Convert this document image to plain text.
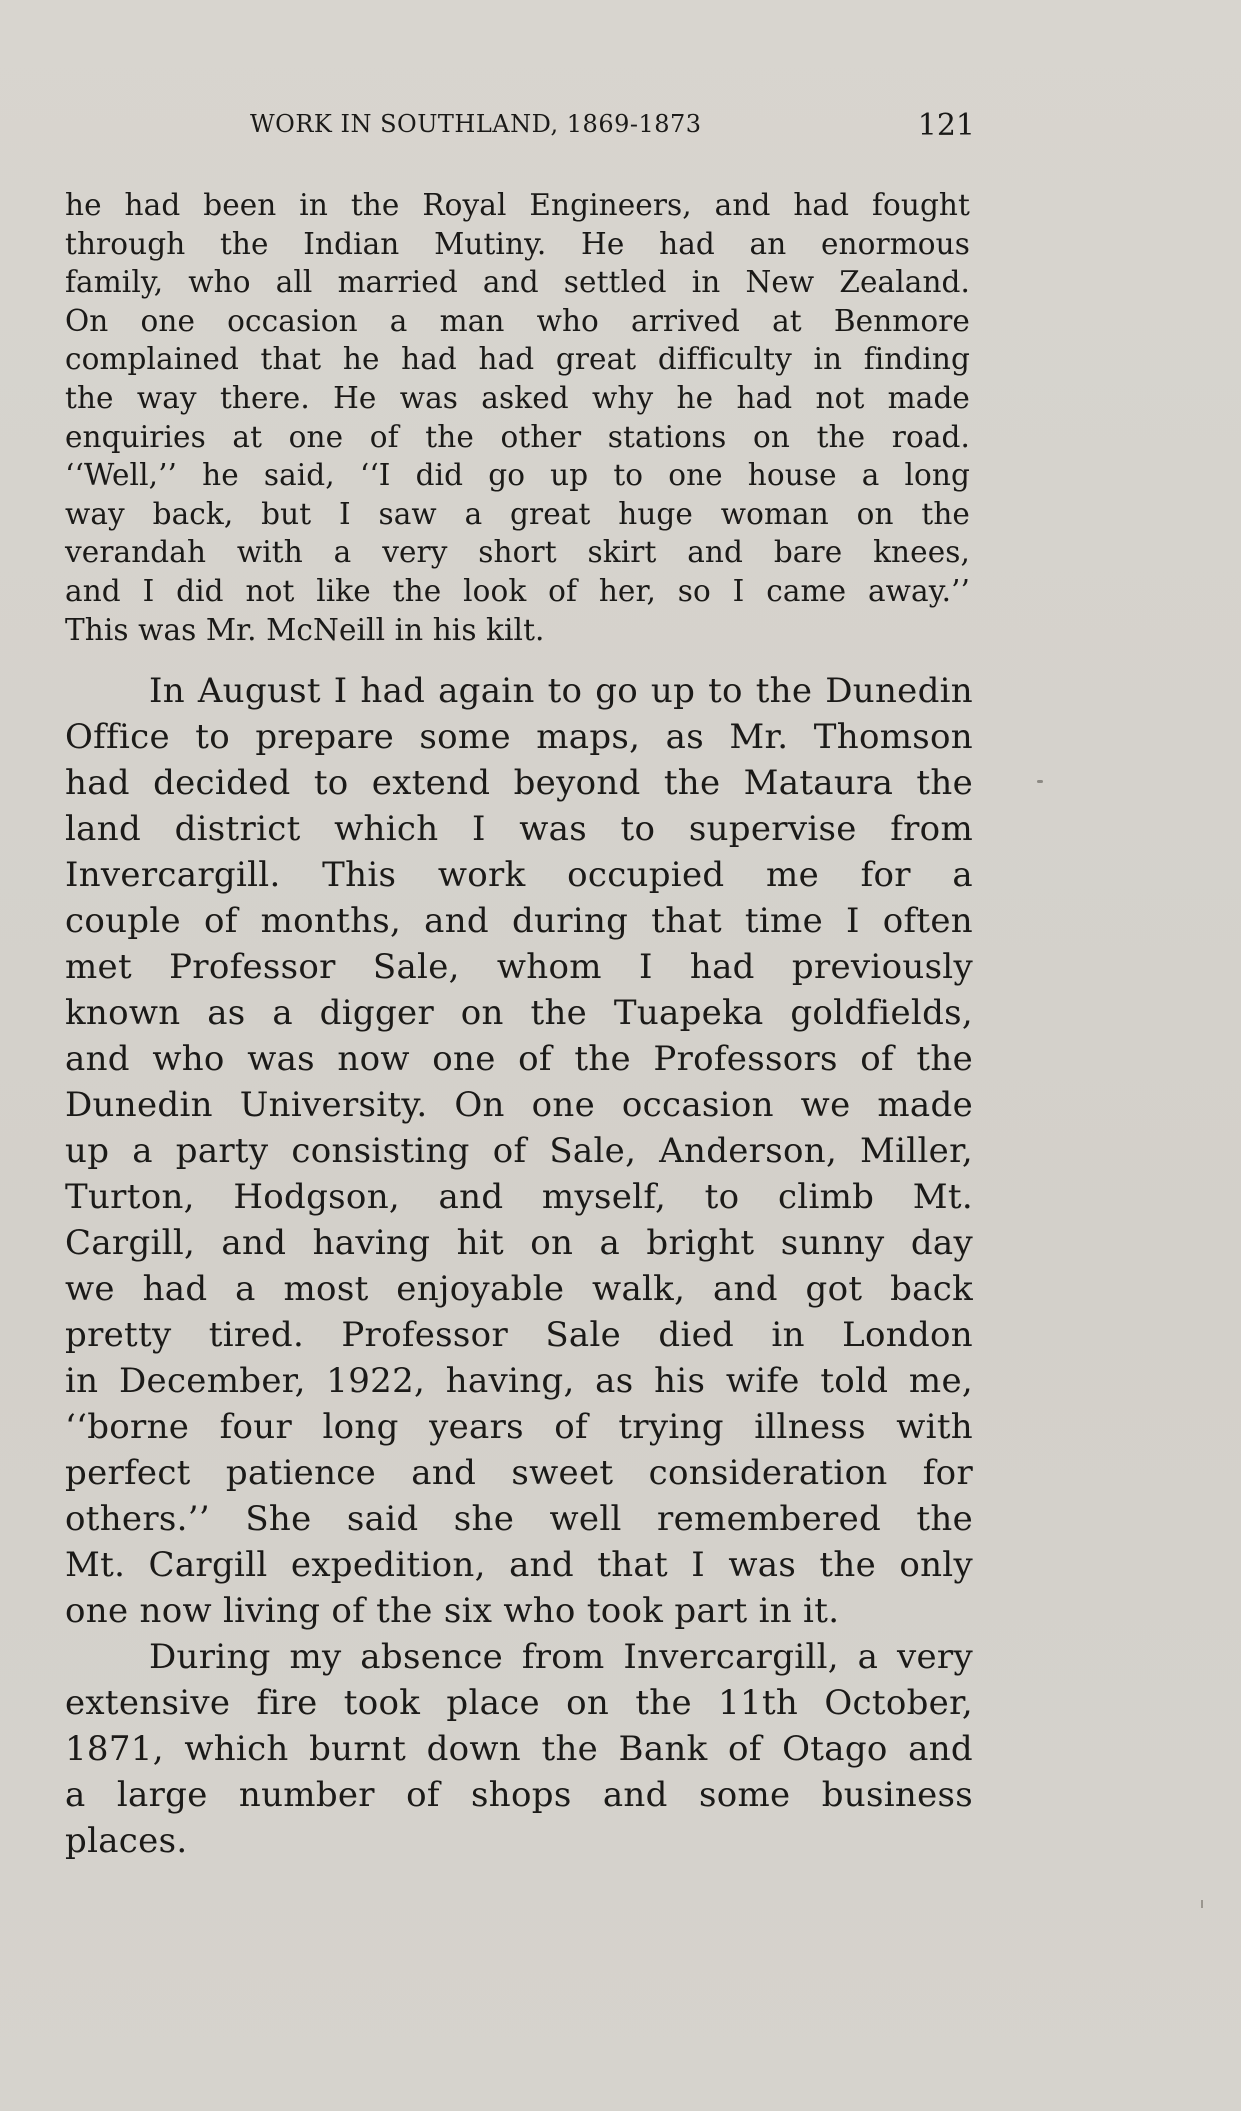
WORK IN SOUTHLAND, 1869-1873	121

he had been in the Royal Engineers, and had fought
through the Indian Mutiny. He had an enormous
family, who all married and settled in New Zealand.
On one occasion a man who arrived at Benmore
complained that he had had great difficulty in finding
the way there. He was asked why he had not made
enquiries at one of the other stations on the road.
‘‘Well,’’ he said, ‘‘I did go up to one house a long
way back, but I saw a great huge woman on the
verandah with a very short skirt and bare knees,
and I did not like the look of her, so I came away.’’
This was Mr. McNeill in his kilt.

In August I had again to go up to the Dunedin

Office to prepare some maps, as Mr. Thomson
had decided to extend beyond the Mataura the
land district which I was to supervise from
Invercargill. This work occupied me for a
couple of months, and during that time I often
met Professor Sale, whom I had previously
known as a digger on the Tuapeka goldfields,
and who was now one of the Professors of the
Dunedin University. On one occasion we made
up a party consisting of Sale, Anderson, Miller,
Turton, Hodgson, and myself, to climb Mt.
Cargill, and having hit on a bright sunny day
we had a most enjoyable walk, and got back
pretty tired. Professor Sale died in London
in December, 1922, having, as his wife told me,
‘‘borne four long years of trying illness with
perfect patience and sweet consideration for
others.’’ She said she well remembered the
Mt. Cargill expedition, and that I was the only
one now living of the six who took part in it.

During my absence from Invercargill, a very

extensive fire took place on the 11th October,
1871, which burnt down the Bank of Otago and
a large number of shops and some business
places.
